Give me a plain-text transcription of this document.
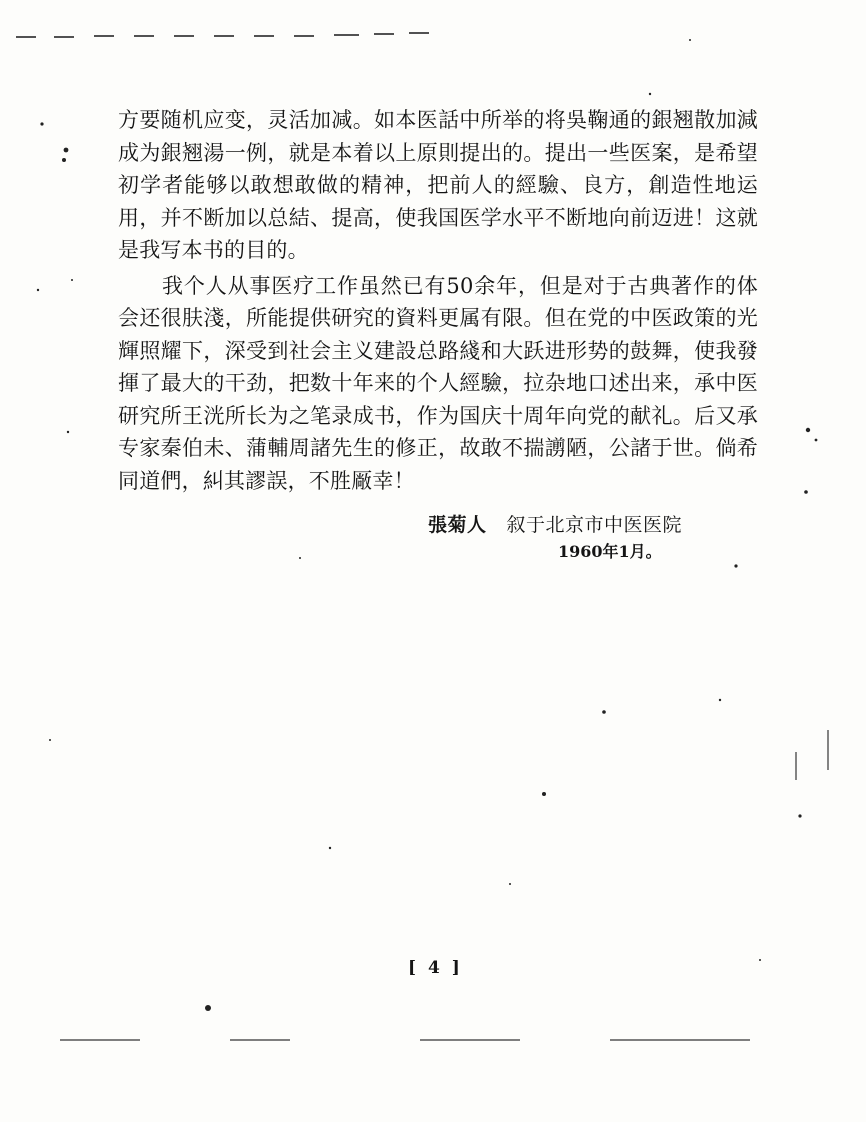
方要随机应变，灵活加减。如本医話中所举的将吳鞠通的銀翘散加減成为銀翘湯一例，就是本着以上原則提出的。提出一些医案，是希望初学者能够以敢想敢做的精神，把前人的經驗、良方，創造性地运用，并不断加以总結、提高，使我国医学水平不断地向前迈进！这就是我写本书的目的。

我个人从事医疗工作虽然已有50余年，但是对于古典著作的体会还很肤淺，所能提供研究的資料更属有限。但在党的中医政策的光輝照耀下，深受到社会主义建設总路綫和大跃进形势的鼓舞，使我發揮了最大的干劲，把数十年来的个人經驗，拉杂地口述出来，承中医研究所王洸所长为之笔录成书，作为国庆十周年向党的献礼。后又承专家秦伯未、蒲輔周諸先生的修正，故敢不揣謭陋，公諸于世。倘希同道們，糾其謬誤，不胜厰幸！

張菊人 叙于北京市中医医院
1960年1月。
[ 4 ]
